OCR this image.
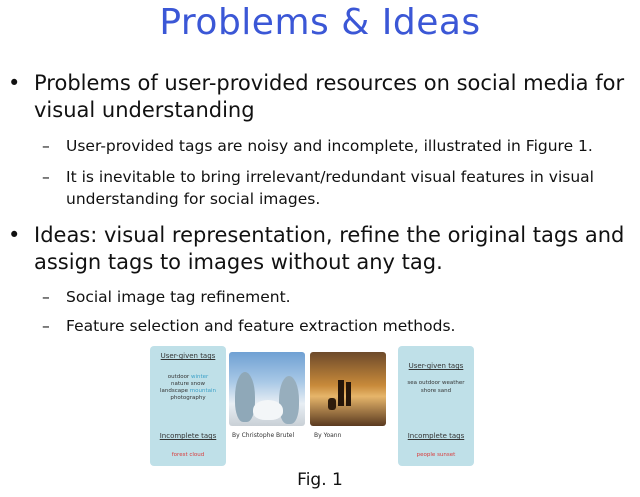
Problems & Ideas
• Problems of user-provided resources on social media for visual understanding
– User-provided tags are noisy and incomplete, illustrated in Figure 1.
– It is inevitable to bring irrelevant/redundant visual features in visual understanding for social images.
• Ideas: visual representation, refine the original tags and assign tags to images without any tag.
– Social image tag refinement.
– Feature selection and feature extraction methods.
User-given tags
outdoor winter
nature snow
landscape mountain
photography
Incomplete tags
forest cloud
By Christophe Brutel	By Yoann
User-given tags
sea outdoor weather
shore sand
Incomplete tags
people sunset
Fig. 1
